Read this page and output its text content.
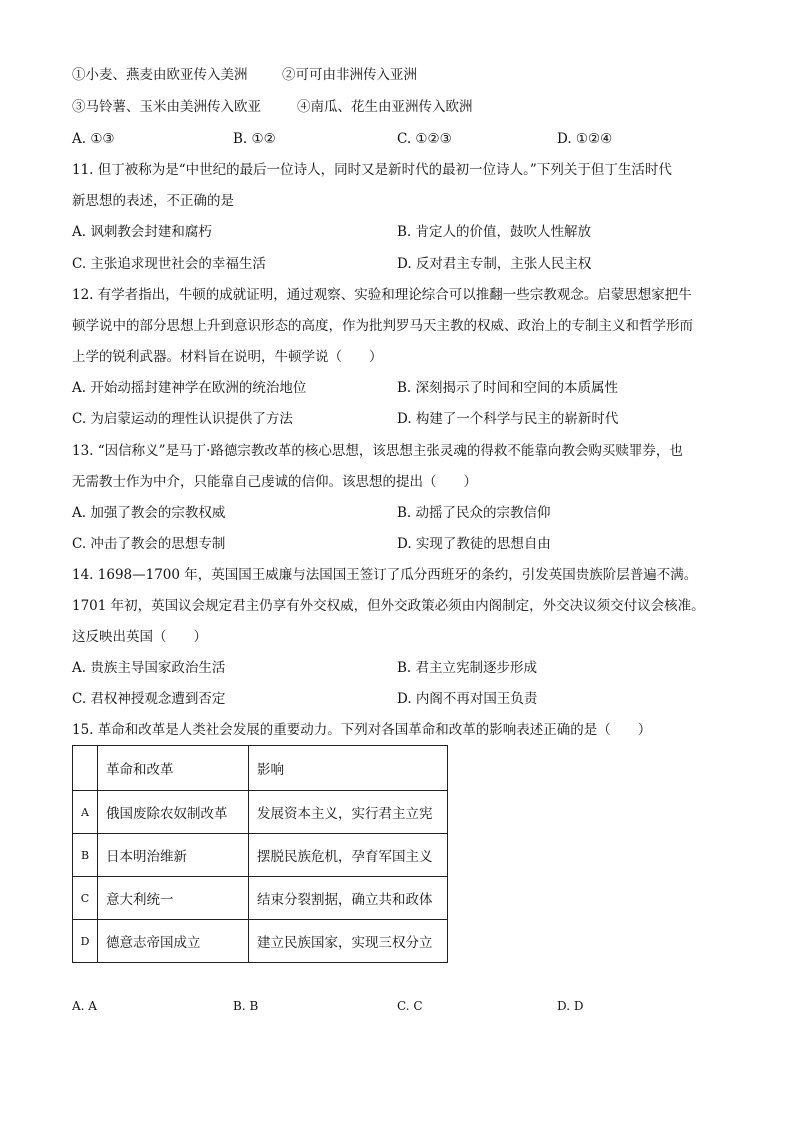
①小麦、燕麦由欧亚传入美洲	②可可由非洲传入亚洲
③马铃薯、玉米由美洲传入欧亚	④南瓜、花生由亚洲传入欧洲
A. ①③	B. ①②	C. ①②③	D. ①②④
11. 但丁被称为是“中世纪的最后一位诗人，同时又是新时代的最初一位诗人。”下列关于但丁生活时代
新思想的表述，不正确的是
A. 讽刺教会封建和腐朽	B. 肯定人的价值，鼓吹人性解放
C. 主张追求现世社会的幸福生活	D. 反对君主专制，主张人民主权
12. 有学者指出，牛顿的成就证明，通过观察、实验和理论综合可以推翻一些宗教观念。启蒙思想家把牛
顿学说中的部分思想上升到意识形态的高度，作为批判罗马天主教的权威、政治上的专制主义和哲学形而
上学的锐利武器。材料旨在说明，牛顿学说（　　）
A. 开始动摇封建神学在欧洲的统治地位	B. 深刻揭示了时间和空间的本质属性
C. 为启蒙运动的理性认识提供了方法	D. 构建了一个科学与民主的崭新时代
13. “因信称义”是马丁·路德宗教改革的核心思想，该思想主张灵魂的得救不能靠向教会购买赎罪券，也
无需教士作为中介，只能靠自己虔诚的信仰。该思想的提出（　　）
A. 加强了教会的宗教权威	B. 动摇了民众的宗教信仰
C. 冲击了教会的思想专制	D. 实现了教徒的思想自由
14. 1698—1700 年，英国国王威廉与法国国王签订了瓜分西班牙的条约，引发英国贵族阶层普遍不满。
1701 年初，英国议会规定君主仍享有外交权威，但外交政策必须由内阁制定，外交决议须交付议会核准。
这反映出英国（　　）
A. 贵族主导国家政治生活	B. 君主立宪制逐步形成
C. 君权神授观念遭到否定	D. 内阁不再对国王负责
15. 革命和改革是人类社会发展的重要动力。下列对各国革命和改革的影响表述正确的是（　　）
	革命和改革	影响
A	俄国废除农奴制改革	发展资本主义，实行君主立宪
B	日本明治维新	摆脱民族危机，孕育军国主义
C	意大利统一	结束分裂割据，确立共和政体
D	德意志帝国成立	建立民族国家，实现三权分立
A. A	B. B	C. C	D. D
